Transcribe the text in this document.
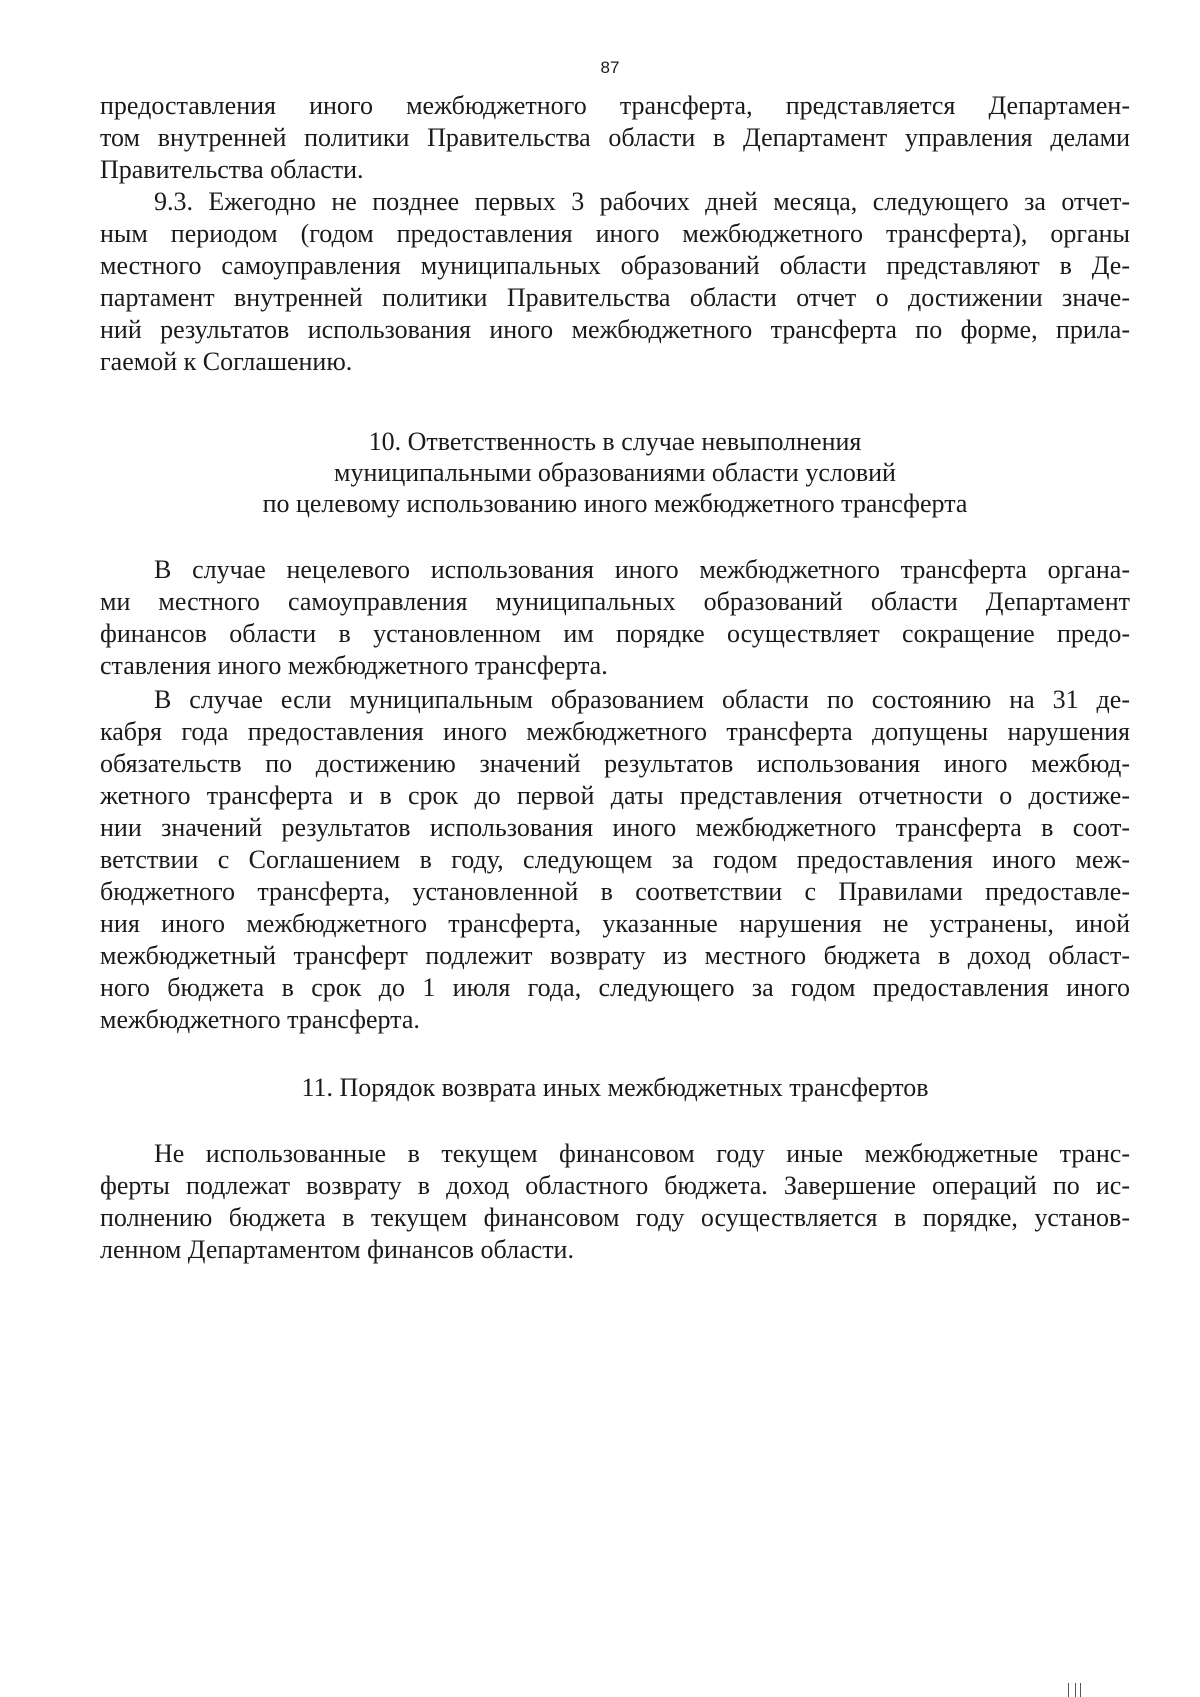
87

предоставления иного межбюджетного трансферта, представляется Департамен-
том внутренней политики Правительства области в Департамент управления делами
Правительства области.

9.3. Ежегодно не позднее первых 3 рабочих дней месяца, следующего за отчет-
ным периодом (годом предоставления иного межбюджетного трансферта), органы
местного самоуправления муниципальных образований области представляют в Де-
партамент внутренней политики Правительства области отчет о достижении значе-
ний результатов использования иного межбюджетного трансферта по форме, прила-
гаемой к Соглашению.

10. Ответственность в случае невыполнения
муниципальными образованиями области условий
по целевому использованию иного межбюджетного трансферта

В случае нецелевого использования иного межбюджетного трансферта органа-
ми местного самоуправления муниципальных образований области Департамент
финансов области в установленном им порядке осуществляет сокращение предо-
ставления иного межбюджетного трансферта.

В случае если муниципальным образованием области по состоянию на 31 де-
кабря года предоставления иного межбюджетного трансферта допущены нарушения
обязательств по достижению значений результатов использования иного межбюд-
жетного трансферта и в срок до первой даты представления отчетности о достиже-
нии значений результатов использования иного межбюджетного трансферта в соот-
ветствии с Соглашением в году, следующем за годом предоставления иного меж-
бюджетного трансферта, установленной в соответствии с Правилами предоставле-
ния иного межбюджетного трансферта, указанные нарушения не устранены, иной
межбюджетный трансферт подлежит возврату из местного бюджета в доход област-
ного бюджета в срок до 1 июля года, следующего за годом предоставления иного
межбюджетного трансферта.

11. Порядок возврата иных межбюджетных трансфертов

Не использованные в текущем финансовом году иные межбюджетные транс-
ферты подлежат возврату в доход областного бюджета. Завершение операций по ис-
полнению бюджета в текущем финансовом году осуществляется в порядке, установ-
ленном Департаментом финансов области.
